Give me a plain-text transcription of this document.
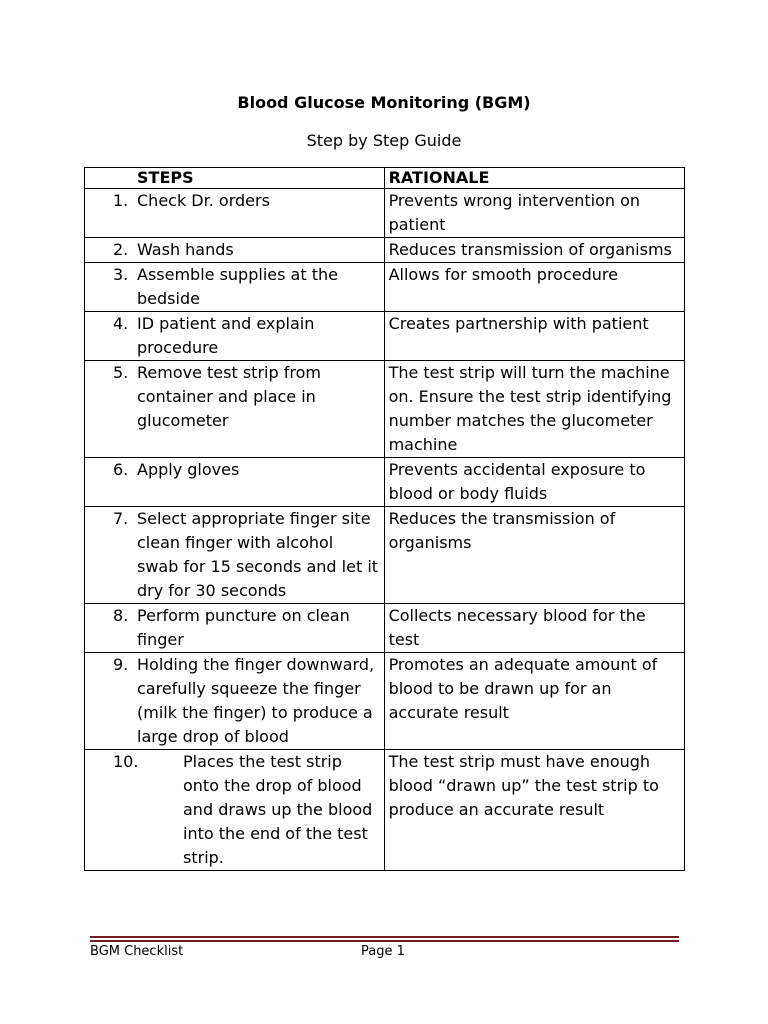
Blood Glucose Monitoring (BGM)
Step by Step Guide
STEPS	RATIONALE

1. Check Dr. orders	Prevents wrong intervention on patient

2. Wash hands	Reduces transmission of organisms

3. Assemble supplies at the bedside	Allows for smooth procedure

4. ID patient and explain procedure	Creates partnership with patient

5. Remove test strip from container and place in glucometer	The test strip will turn the machine on. Ensure the test strip identifying number matches the glucometer machine

6. Apply gloves	Prevents accidental exposure to blood or body fluids

7. Select appropriate finger site clean finger with alcohol swab for 15 seconds and let it dry for 30 seconds	Reduces the transmission of organisms

8. Perform puncture on clean finger	Collects necessary blood for the test

9. Holding the finger downward, carefully squeeze the finger (milk the finger) to produce a large drop of blood	Promotes an adequate amount of blood to be drawn up for an accurate result

10. Places the test strip onto the drop of blood and draws up the blood into the end of the test strip.	The test strip must have enough blood “drawn up” the test strip to produce an accurate result
BGM Checklist	Page 1
